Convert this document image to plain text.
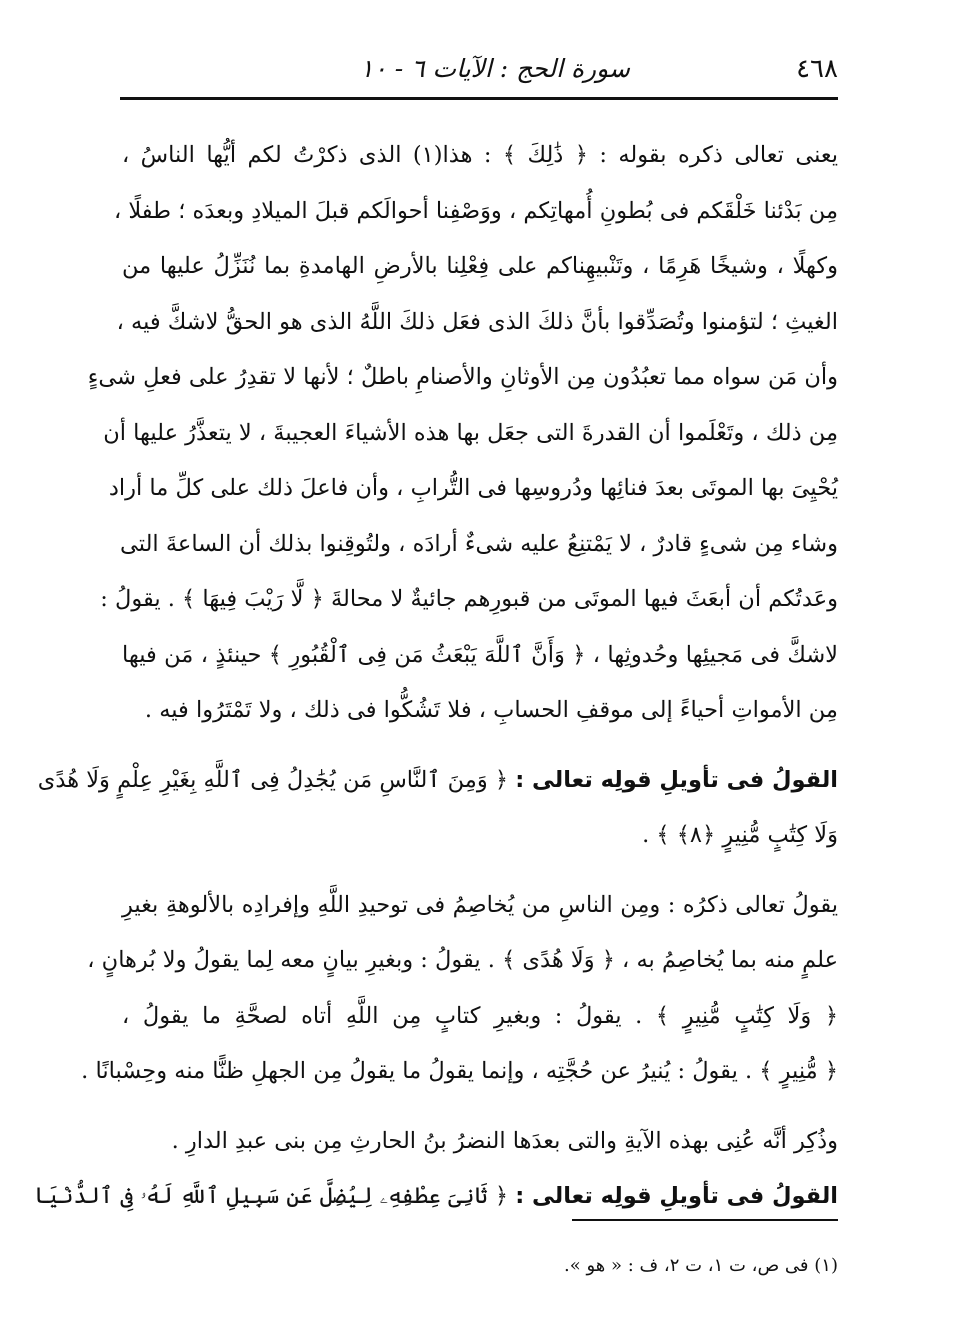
٤٦٨
سورة الحج : الآيات ٦ - ١٠
يعنى تعالى ذكره بقوله : ﴿ ذَٰلِكَ ﴾ : هذا(١) الذى ذكرْتُ لكم أيُّها الناسُ ،
مِن بَدْئنا خَلْقَكم فى بُطونِ أُمهاتِكم ، ووَصْفِنا أحوالَكم قبلَ الميلادِ وبعدَه ؛ طفلًا ،
وكهلًا ، وشيخًا هَرِمًا ، وتَنْبيهِناكم على فِعْلِنا بالأرضِ الهامدةِ بما نُنَزِّلُ عليها من
الغيثِ ؛ لتؤمنوا وتُصَدِّقوا بأنَّ ذلكَ الذى فعَل ذلكَ اللَّهُ الذى هو الحقُّ لاشكَّ فيه ،
وأن مَن سواه مما تعبُدُون مِن الأوثانِ والأصنامِ باطلٌ ؛ لأنها لا تقدِرُ على فعلِ شىءٍ
مِن ذلك ، وتَعْلَموا أن القدرةَ التى جعَل بها هذه الأشياءَ العجيبةَ ، لا يتعذَّرُ عليها أن
يُحْيِىَ بها الموتَى بعدَ فنائِها ودُروسِها فى التُّرابِ ، وأن فاعلَ ذلك على كلِّ ما أراد
وشاء مِن شىءٍ قادرٌ ، لا يَمْتنِعُ عليه شىءٌ أرادَه ، ولتُوقِنوا بذلك أن الساعةَ التى
وعَدتُكم أن أبعَثَ فيها الموتَى من قبورِهم جائيةٌ لا محالةَ ﴿ لَّا رَيْبَ فِيهَا ﴾ . يقولُ :
لاشكَّ فى مَجيئِها وحُدوثِها ، ﴿ وَأَنَّ ٱللَّهَ يَبْعَثُ مَن فِى ٱلْقُبُورِ ﴾ حينئذٍ ، مَن فيها
مِن الأمواتِ أحياءً إلى موقفِ الحسابِ ، فلا تَشُكُّوا فى ذلك ، ولا تَمْتَرُوا فيه .
القولُ فى تأويلِ قولِه تعالى : ﴿ وَمِنَ ٱلنَّاسِ مَن يُجَٰدِلُ فِى ٱللَّهِ بِغَيْرِ عِلْمٍ وَلَا هُدًى
وَلَا كِتَٰبٍ مُّنِيرٍ ﴿٨﴾ ﴾ .
يقولُ تعالى ذكرُه : ومِن الناسِ من يُخاصِمُ فى توحيدِ اللَّهِ وإفرادِه بالألوهةِ بغيرِ
علمٍ منه بما يُخاصِمُ به ، ﴿ وَلَا هُدًى ﴾ . يقولُ : وبغيرِ بيانٍ معه لِما يقولُ ولا بُرهانٍ ،
﴿ وَلَا كِتَٰبٍ مُّنِيرٍ ﴾ . يقولُ : وبغيرِ كتابٍ مِن اللَّهِ أتاه لصحَّةِ ما يقولُ ،
﴿ مُّنِيرٍ ﴾ . يقولُ : يُنيرُ عن حُجَّتِه ، وإنما يقولُ ما يقولُ مِن الجهلِ ظنًّا منه وحِسْبانًا .
وذُكِر أنَّه عُنِى بهذه الآيةِ والتى بعدَها النضرُ بنُ الحارثِ مِن بنى عبدِ الدارِ .
القولُ فى تأويلِ قولِه تعالى : ﴿ ثَانِىَ عِطْفِهِۦ لِيُضِلَّ عَن سَبِيلِ ٱللَّهِ لَهُۥ فِى ٱلدُّنْيَا
(١) فى ص، ت ١، ت ٢، ف : « هو ».
